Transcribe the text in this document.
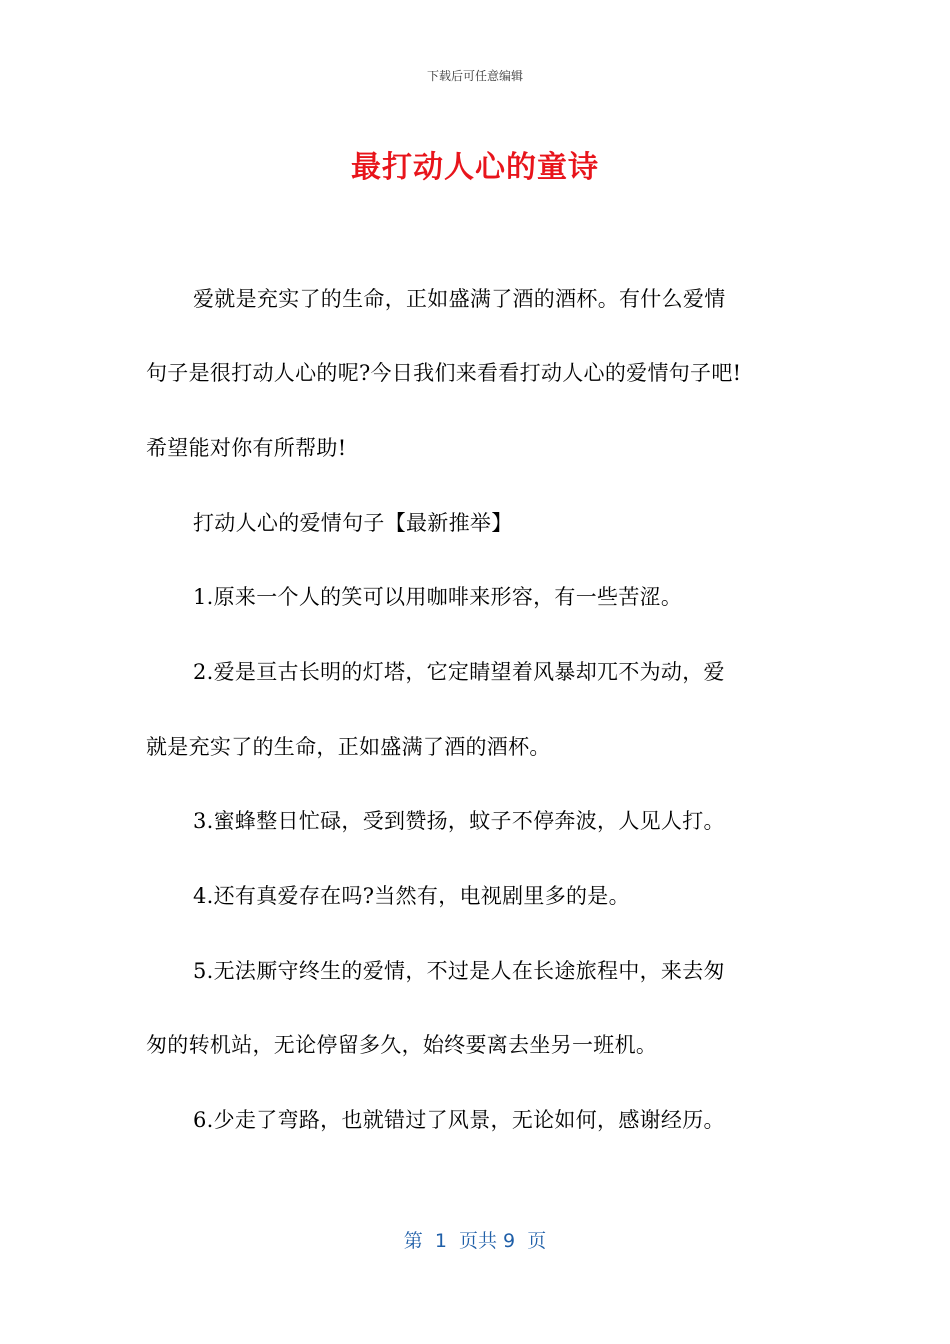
下载后可任意编辑
最打动人心的童诗
爱就是充实了的生命，正如盛满了酒的酒杯。有什么爱情
句子是很打动人心的呢?今日我们来看看打动人心的爱情句子吧!
希望能对你有所帮助!
打动人心的爱情句子【最新推举】
1.原来一个人的笑可以用咖啡来形容，有一些苦涩。
2.爱是亘古长明的灯塔，它定睛望着风暴却兀不为动，爱
就是充实了的生命，正如盛满了酒的酒杯。
3.蜜蜂整日忙碌，受到赞扬，蚊子不停奔波，人见人打。
4.还有真爱存在吗?当然有，电视剧里多的是。
5.无法厮守终生的爱情，不过是人在长途旅程中，来去匆
匆的转机站，无论停留多久，始终要离去坐另一班机。
6.少走了弯路，也就错过了风景，无论如何，感谢经历。
第  1  页共 9  页
